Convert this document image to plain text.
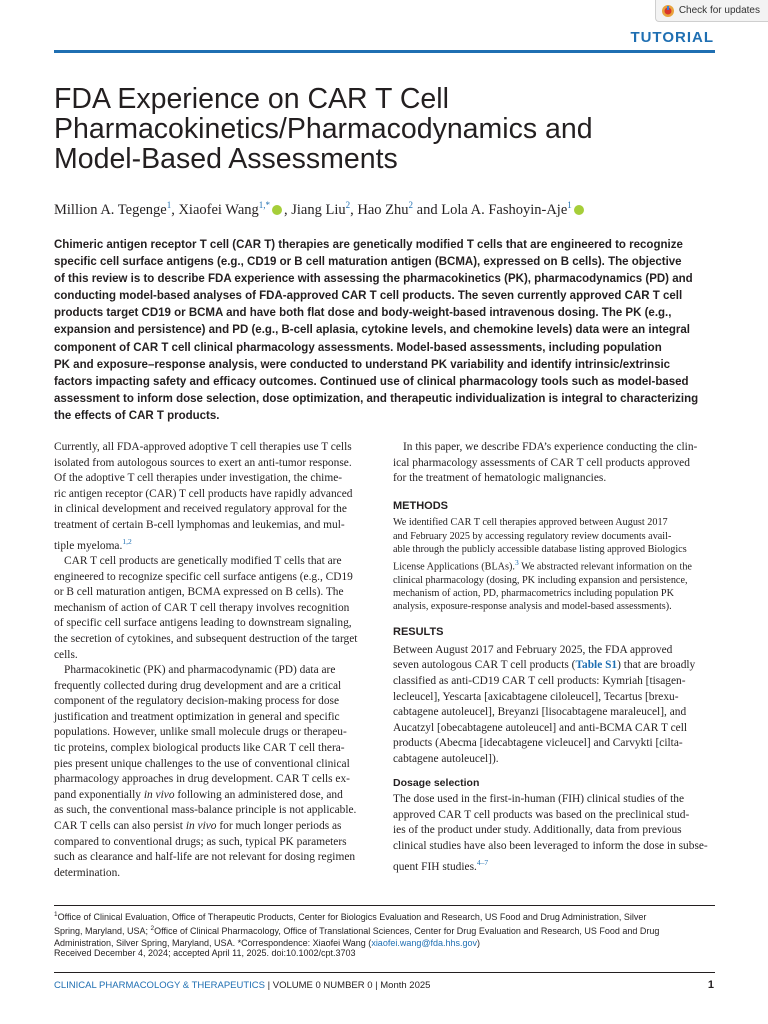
Check for updates
TUTORIAL
FDA Experience on CAR T Cell
Pharmacokinetics/Pharmacodynamics and
Model-Based Assessments
Million A. Tegenge$^1$, Xiaofei Wang$^{1,*}$ , Jiang Liu$^2$, Hao Zhu$^2$ and Lola A. Fashoyin-Aje$^1$
Chimeric antigen receptor T cell (CAR T) therapies are genetically modified T cells that are engineered to recognize
specific cell surface antigens (e.g., CD19 or B cell maturation antigen (BCMA), expressed on B cells). The objective
of this review is to describe FDA experience with assessing the pharmacokinetics (PK), pharmacodynamics (PD) and
conducting model-based analyses of FDA-approved CAR T cell products. The seven currently approved CAR T cell
products target CD19 or BCMA and have both flat dose and body-weight-based intravenous dosing. The PK (e.g.,
expansion and persistence) and PD (e.g., B-cell aplasia, cytokine levels, and chemokine levels) data were an integral
component of CAR T cell clinical pharmacology assessments. Model-based assessments, including population
PK and exposure–response analysis, were conducted to understand PK variability and identify intrinsic/extrinsic
factors impacting safety and efficacy outcomes. Continued use of clinical pharmacology tools such as model-based
assessment to inform dose selection, dose optimization, and therapeutic individualization is integral to characterizing
the effects of CAR T products.
Currently, all FDA-approved adoptive T cell therapies use T cells
isolated from autologous sources to exert an anti-tumor response.
Of the adoptive T cell therapies under investigation, the chime-
ric antigen receptor (CAR) T cell products have rapidly advanced
in clinical development and received regulatory approval for the
treatment of certain B-cell lymphomas and leukemias, and mul-
tiple myeloma.$^{1,2}$
CAR T cell products are genetically modified T cells that are
engineered to recognize specific cell surface antigens (e.g., CD19
or B cell maturation antigen, BCMA expressed on B cells). The
mechanism of action of CAR T cell therapy involves recognition
of specific cell surface antigens leading to downstream signaling,
the secretion of cytokines, and subsequent destruction of the target
cells.
Pharmacokinetic (PK) and pharmacodynamic (PD) data are
frequently collected during drug development and are a critical
component of the regulatory decision-making process for dose
justification and treatment optimization in general and specific
populations. However, unlike small molecule drugs or therapeu-
tic proteins, complex biological products like CAR T cell thera-
pies present unique challenges to the use of conventional clinical
pharmacology approaches in drug development. CAR T cells ex-
pand exponentially in vivo following an administered dose, and
as such, the conventional mass-balance principle is not applicable.
CAR T cells can also persist in vivo for much longer periods as
compared to conventional drugs; as such, typical PK parameters
such as clearance and half-life are not relevant for dosing regimen
determination.
In this paper, we describe FDA’s experience conducting the clin-
ical pharmacology assessments of CAR T cell products approved
for the treatment of hematologic malignancies.
METHODS
We identified CAR T cell therapies approved between August 2017
and February 2025 by accessing regulatory review documents avail-
able through the publicly accessible database listing approved Biologics
License Applications (BLAs).$^3$ We abstracted relevant information on the
clinical pharmacology (dosing, PK including expansion and persistence,
mechanism of action, PD, pharmacometrics including population PK
analysis, exposure-response analysis and model-based assessments).
RESULTS
Between August 2017 and February 2025, the FDA approved
seven autologous CAR T cell products (Table S1) that are broadly
classified as anti-CD19 CAR T cell products: Kymriah [tisagen-
lecleucel], Yescarta [axicabtagene ciloleucel], Tecartus [brexu-
cabtagene autoleucel], Breyanzi [lisocabtagene maraleucel], and
Aucatzyl [obecabtagene autoleucel] and anti-BCMA CAR T cell
products (Abecma [idecabtagene vicleucel] and Carvykti [cilta-
cabtagene autoleucel]).
Dosage selection
The dose used in the first-in-human (FIH) clinical studies of the
approved CAR T cell products was based on the preclinical stud-
ies of the product under study. Additionally, data from previous
clinical studies have also been leveraged to inform the dose in subse-
quent FIH studies.$^{4-7}$
$^1$Office of Clinical Evaluation, Office of Therapeutic Products, Center for Biologics Evaluation and Research, US Food and Drug Administration, Silver
Spring, Maryland, USA; $^2$Office of Clinical Pharmacology, Office of Translational Sciences, Center for Drug Evaluation and Research, US Food and Drug
Administration, Silver Spring, Maryland, USA. *Correspondence: Xiaofei Wang (xiaofei.wang@fda.hhs.gov)
Received December 4, 2024; accepted April 11, 2025. doi:10.1002/cpt.3703
CLINICAL PHARMACOLOGY & THERAPEUTICS | VOLUME 0 NUMBER 0 | Month 2025	1
